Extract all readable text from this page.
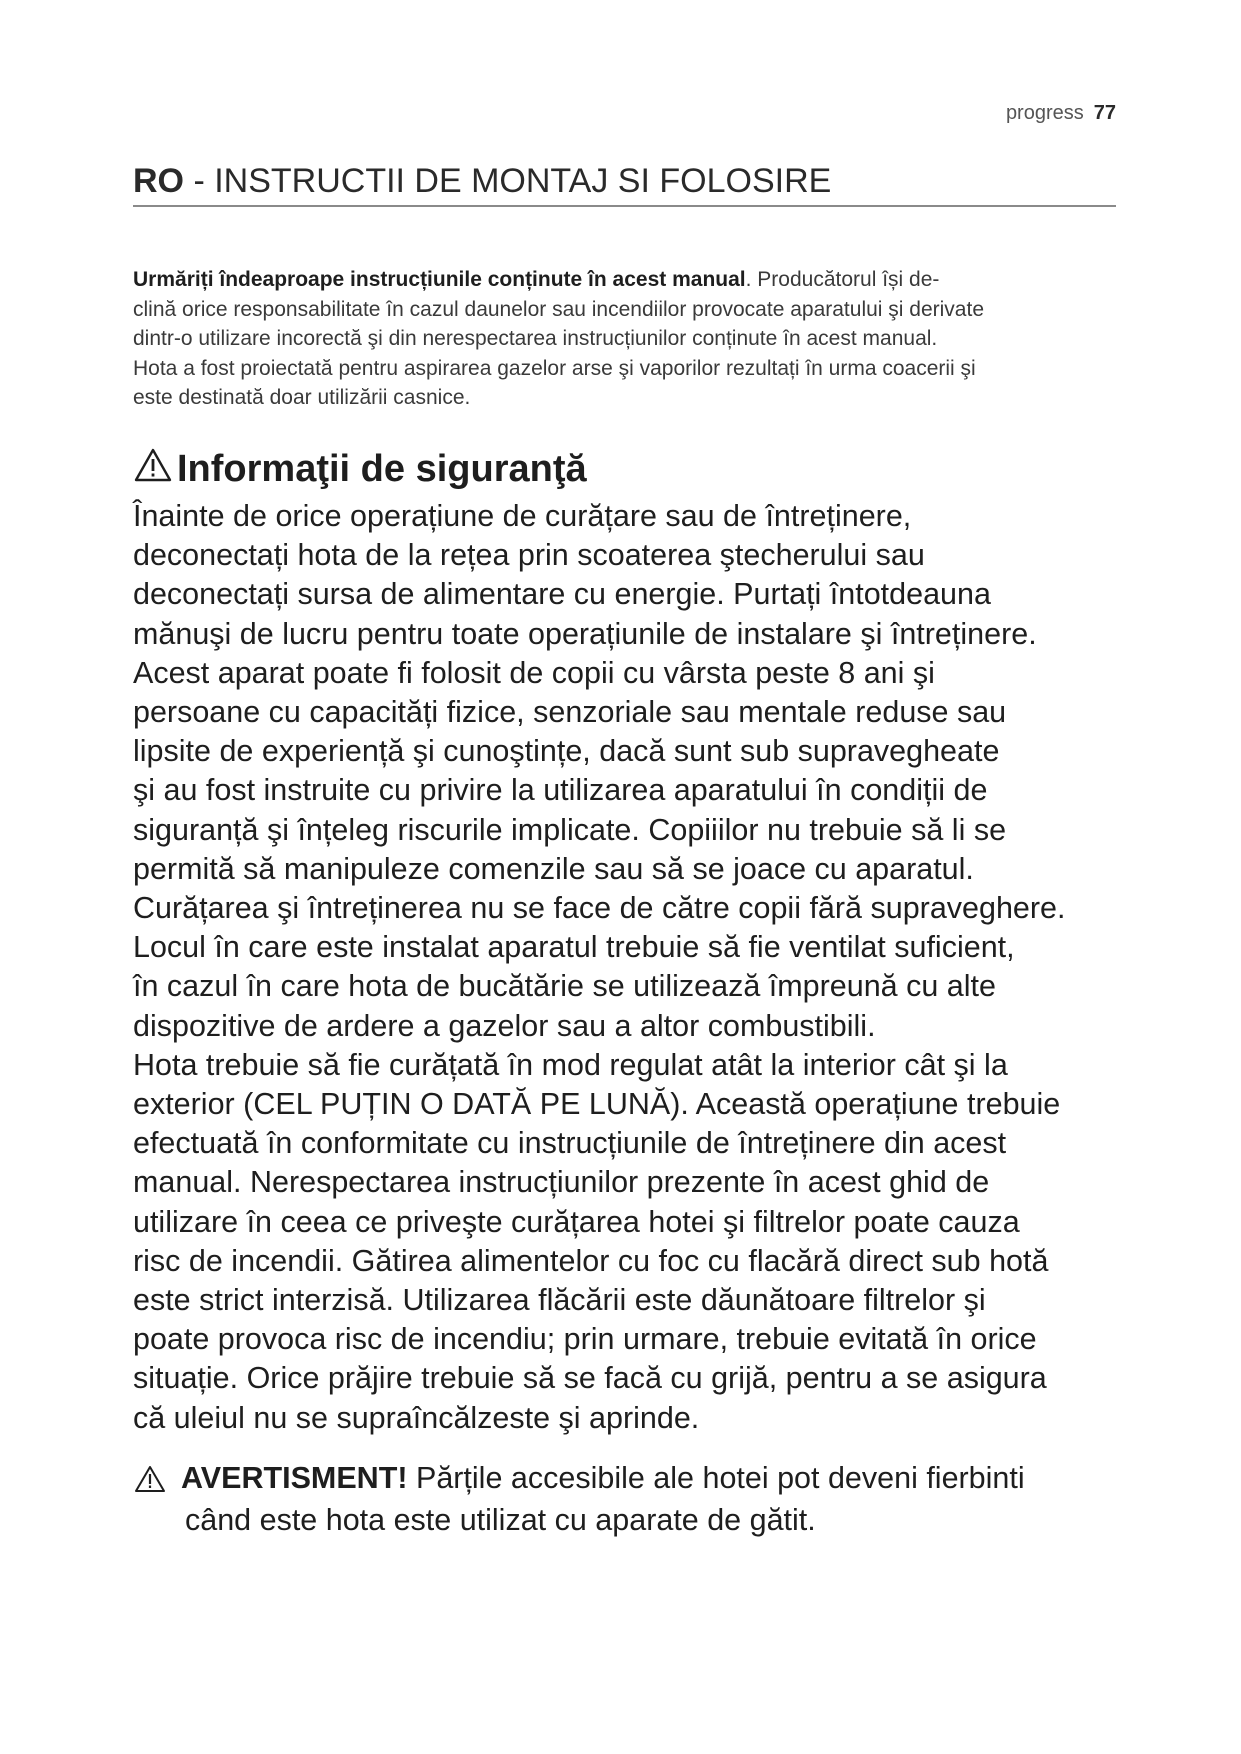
progress 77
RO - INSTRUCTII DE MONTAJ SI FOLOSIRE
Urmăriți îndeaproape instrucțiunile conținute în acest manual. Producătorul își de-
clină orice responsabilitate în cazul daunelor sau incendiilor provocate aparatului şi derivate
dintr-o utilizare incorectă şi din nerespectarea instrucțiunilor conținute în acest manual.
Hota a fost proiectată pentru aspirarea gazelor arse şi vaporilor rezultați în urma coacerii şi
este destinată doar utilizării casnice.
Informaţii de siguranţă
Înainte de orice operațiune de curățare sau de întreținere,
deconectați hota de la rețea prin scoaterea ştecherului sau
deconectați sursa de alimentare cu energie. Purtați întotdeauna
mănuşi de lucru pentru toate operațiunile de instalare şi întreținere.
Acest aparat poate fi folosit de copii cu vârsta peste 8 ani şi
persoane cu capacități fizice, senzoriale sau mentale reduse sau
lipsite de experiență şi cunoştințe, dacă sunt sub supravegheate
şi au fost instruite cu privire la utilizarea aparatului în condiții de
siguranță şi înțeleg riscurile implicate. Copiiilor nu trebuie să li se
permită să manipuleze comenzile sau să se joace cu aparatul.
Curățarea şi întreținerea nu se face de către copii fără supraveghere.
Locul în care este instalat aparatul trebuie să fie ventilat suficient,
în cazul în care hota de bucătărie se utilizează împreună cu alte
dispozitive de ardere a gazelor sau a altor combustibili.
Hota trebuie să fie curățată în mod regulat atât la interior cât şi la
exterior (CEL PUȚIN O DATĂ PE LUNĂ). Această operațiune trebuie
efectuată în conformitate cu instrucțiunile de întreținere din acest
manual. Nerespectarea instrucțiunilor prezente în acest ghid de
utilizare în ceea ce priveşte curățarea hotei şi filtrelor poate cauza
risc de incendii. Gătirea alimentelor cu foc cu flacără direct sub hotă
este strict interzisă. Utilizarea flăcării este dăunătoare filtrelor şi
poate provoca risc de incendiu; prin urmare, trebuie evitată în orice
situație. Orice prăjire trebuie să se facă cu grijă, pentru a se asigura
că uleiul nu se supraîncălzeste şi aprinde.
AVERTISMENT! Părțile accesibile ale hotei pot deveni fierbinti
când este hota este utilizat cu aparate de gătit.
